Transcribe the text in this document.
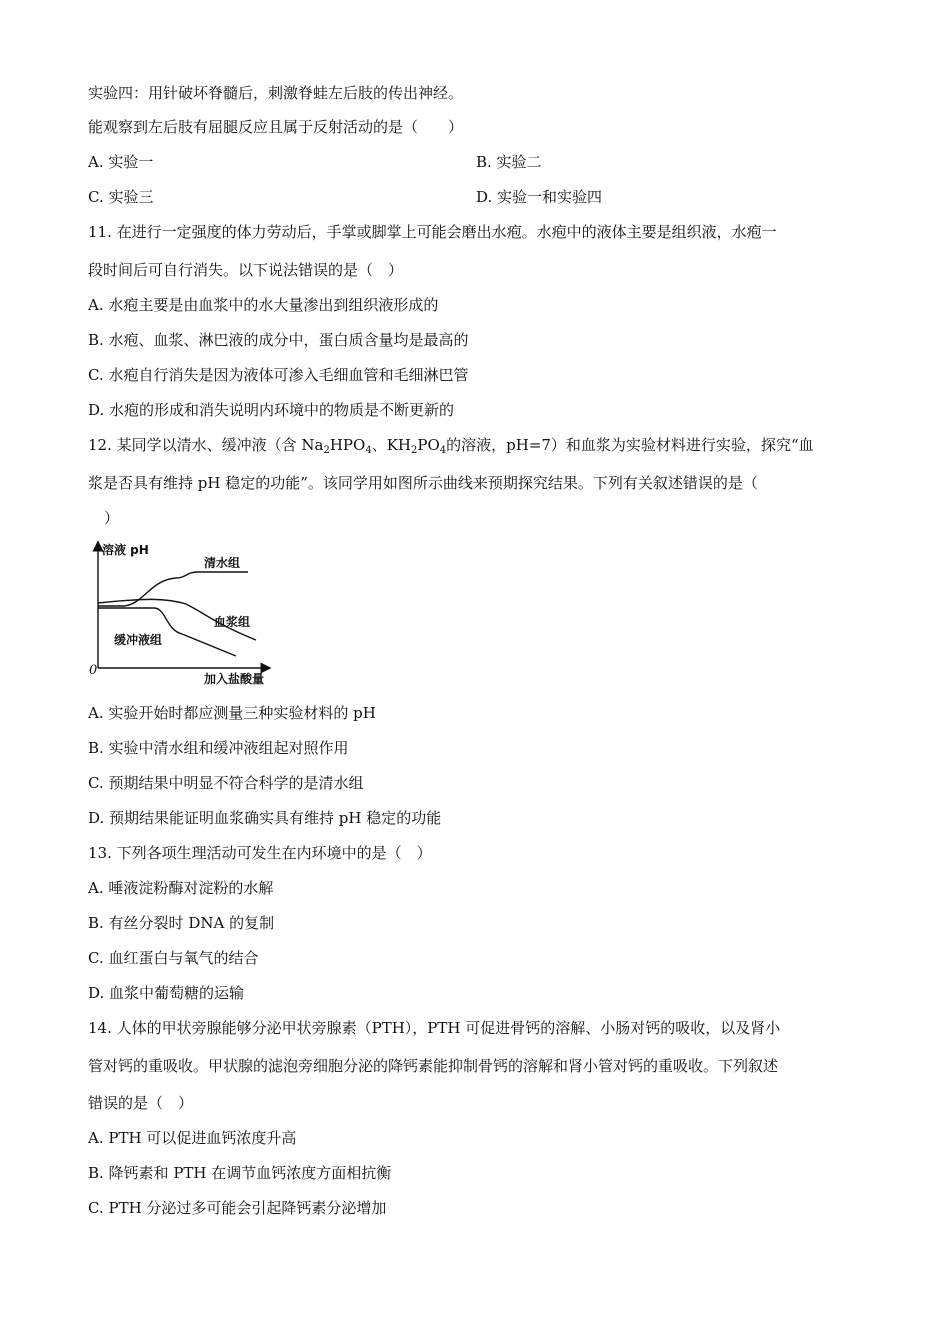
实验四：用针破坏脊髓后，刺激脊蛙左后肢的传出神经。
能观察到左后肢有屈腿反应且属于反射活动的是（　　）
A. 实验一	B. 实验二
C. 实验三	D. 实验一和实验四
11. 在进行一定强度的体力劳动后，手掌或脚掌上可能会磨出水疱。水疱中的液体主要是组织液，水疱一
段时间后可自行消失。以下说法错误的是（　）
A. 水疱主要是由血浆中的水大量渗出到组织液形成的
B. 水疱、血浆、淋巴液的成分中，蛋白质含量均是最高的
C. 水疱自行消失是因为液体可渗入毛细血管和毛细淋巴管
D. 水疱的形成和消失说明内环境中的物质是不断更新的
12. 某同学以清水、缓冲液（含 $Na_2HPO_4$、$KH_2PO_4$的溶液，pH=7）和血浆为实验材料进行实验，探究“血
浆是否具有维持 pH 稳定的功能”。该同学用如图所示曲线来预期探究结果。下列有关叙述错误的是（
）
溶液 pH
清水组
血浆组
缓冲液组
0
加入盐酸量
A. 实验开始时都应测量三种实验材料的 pH
B. 实验中清水组和缓冲液组起对照作用
C. 预期结果中明显不符合科学的是清水组
D. 预期结果能证明血浆确实具有维持 pH 稳定的功能
13. 下列各项生理活动可发生在内环境中的是（　）
A. 唾液淀粉酶对淀粉的水解
B. 有丝分裂时 DNA 的复制
C. 血红蛋白与氧气的结合
D. 血浆中葡萄糖的运输
14. 人体的甲状旁腺能够分泌甲状旁腺素（PTH），PTH 可促进骨钙的溶解、小肠对钙的吸收，以及肾小
管对钙的重吸收。甲状腺的滤泡旁细胞分泌的降钙素能抑制骨钙的溶解和肾小管对钙的重吸收。下列叙述
错误的是（　）
A. PTH 可以促进血钙浓度升高
B. 降钙素和 PTH 在调节血钙浓度方面相抗衡
C. PTH 分泌过多可能会引起降钙素分泌增加
